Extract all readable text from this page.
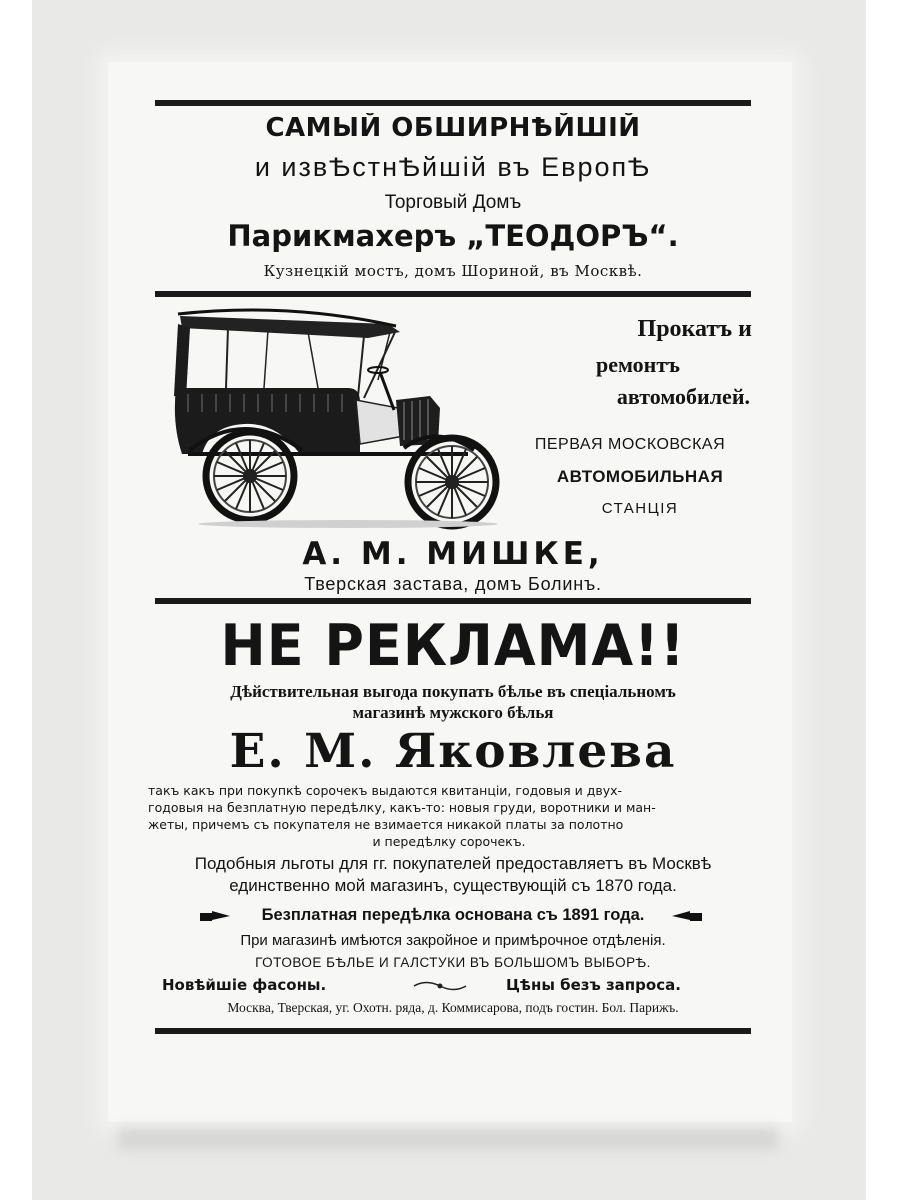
САМЫЙ ОБШИРНѢЙШІЙ
и извѢстнѢйшій въ ЕвропѢ
Торговый Домъ
Парикмахеръ „ТЕОДОРЪ“.
Кузнецкій мостъ, домъ Шориной, въ Москвѣ.
Прокатъ и
ремонтъ
автомобилей.
ПЕРВАЯ МОСКОВСКАЯ
АВТОМОБИЛЬНАЯ
СТАНЦІЯ
А. М. МИШКЕ,
Тверская застава, домъ Болинъ.
НЕ РЕКЛАМА!!
Дѣйствительная выгода покупать бѣлье въ спеціальномъ
магазинѣ мужского бѣлья
Е. М. Яковлева
такъ какъ при покупкѣ сорочекъ выдаются квитанціи, годовыя и двух-
годовыя на безплатную передѣлку, какъ-то: новыя груди, воротники и ман-
жеты, причемъ съ покупателя не взимается никакой платы за полотно
и передѣлку сорочекъ.
Подобныя льготы для гг. покупателей предоставляетъ въ Москвѣ
единственно мой магазинъ, существующій съ 1870 года.
Безплатная передѣлка основана съ 1891 года.
При магазинѣ имѣются закройное и примѣрочное отдѣленія.
ГОТОВОЕ БѢЛЬЕ И ГАЛСТУКИ ВЪ БОЛЬШОМЪ ВЫБОРѢ.
Новѣйшіе фасоны.	Цѣны безъ запроса.
Москва, Тверская, уг. Охотн. ряда, д. Коммисарова, подъ гостин. Бол. Парижъ.
